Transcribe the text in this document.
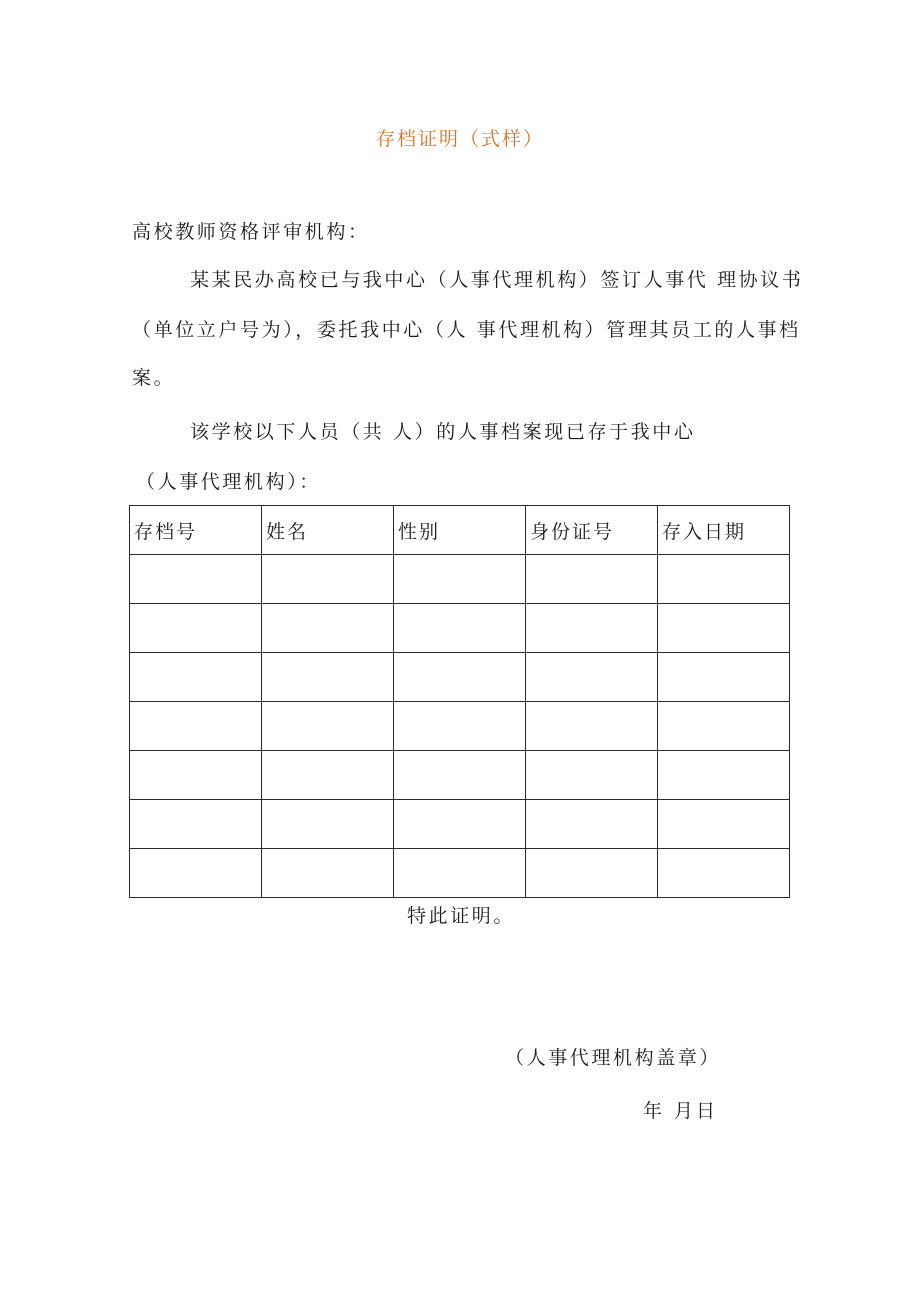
存档证明（式样）
高校教师资格评审机构：
某某民办高校已与我中心（人事代理机构）签订人事代 理协议书
（单位立户号为），委托我中心（人 事代理机构）管理其员工的人事档
案。
该学校以下人员（共 人）的人事档案现已存于我中心
（人事代理机构）：
存档号	姓名	性别	身份证号	存入日期

特此证明。
（人事代理机构盖章）
年 月日
